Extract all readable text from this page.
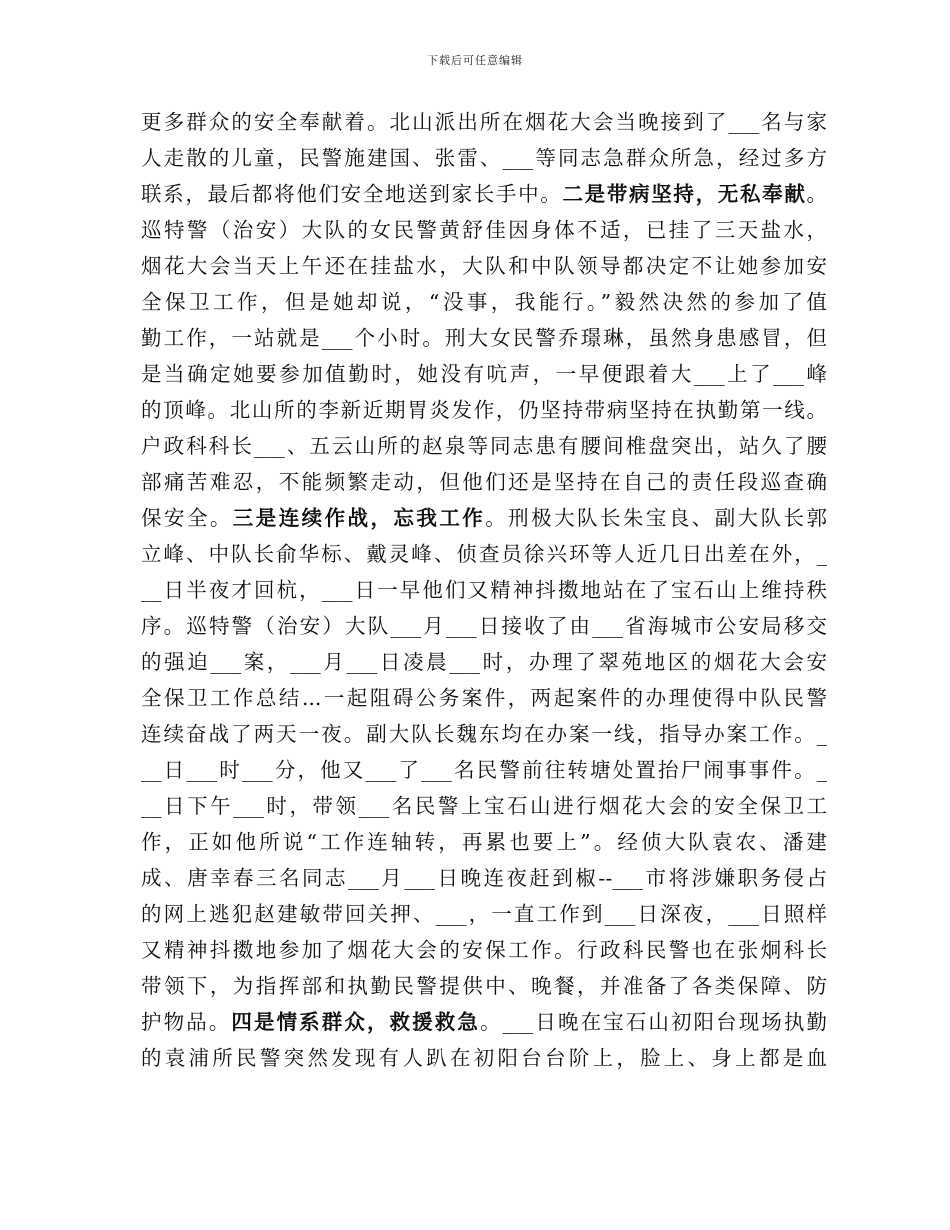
下载后可任意编辑
更多群众的安全奉献着。北山派出所在烟花大会当晚接到了___名与家
人走散的儿童，民警施建国、张雷、___等同志急群众所急，经过多方
联系，最后都将他们安全地送到家长手中。二是带病坚持，无私奉献。
巡特警（治安）大队的女民警黄舒佳因身体不适，已挂了三天盐水，
烟花大会当天上午还在挂盐水，大队和中队领导都决定不让她参加安
全保卫工作，但是她却说，“没事，我能行。”毅然决然的参加了值
勤工作，一站就是___个小时。刑大女民警乔璟琳，虽然身患感冒，但
是当确定她要参加值勤时，她没有吭声，一早便跟着大___上了___峰
的顶峰。北山所的李新近期胃炎发作，仍坚持带病坚持在执勤第一线。
户政科科长___、五云山所的赵泉等同志患有腰间椎盘突出，站久了腰
部痛苦难忍，不能频繁走动，但他们还是坚持在自己的责任段巡查确
保安全。三是连续作战，忘我工作。刑极大队长朱宝良、副大队长郭
立峰、中队长俞华标、戴灵峰、侦查员徐兴环等人近几日出差在外，_
__日半夜才回杭，___日一早他们又精神抖擞地站在了宝石山上维持秩
序。巡特警（治安）大队___月___日接收了由___省海城市公安局移交
的强迫___案，___月___日凌晨___时，办理了翠苑地区的烟花大会安
全保卫工作总结...一起阻碍公务案件，两起案件的办理使得中队民警
连续奋战了两天一夜。副大队长魏东均在办案一线，指导办案工作。_
__日___时___分，他又___了___名民警前往转塘处置抬尸闹事事件。_
__日下午___时，带领___名民警上宝石山进行烟花大会的安全保卫工
作，正如他所说“工作连轴转，再累也要上”。经侦大队袁农、潘建
成、唐幸春三名同志___月___日晚连夜赶到椒--___市将涉嫌职务侵占
的网上逃犯赵建敏带回关押、___，一直工作到___日深夜，___日照样
又精神抖擞地参加了烟花大会的安保工作。行政科民警也在张炯科长
带领下，为指挥部和执勤民警提供中、晚餐，并准备了各类保障、防
护物品。四是情系群众，救援救急。___日晚在宝石山初阳台现场执勤
的袁浦所民警突然发现有人趴在初阳台台阶上，脸上、身上都是血
